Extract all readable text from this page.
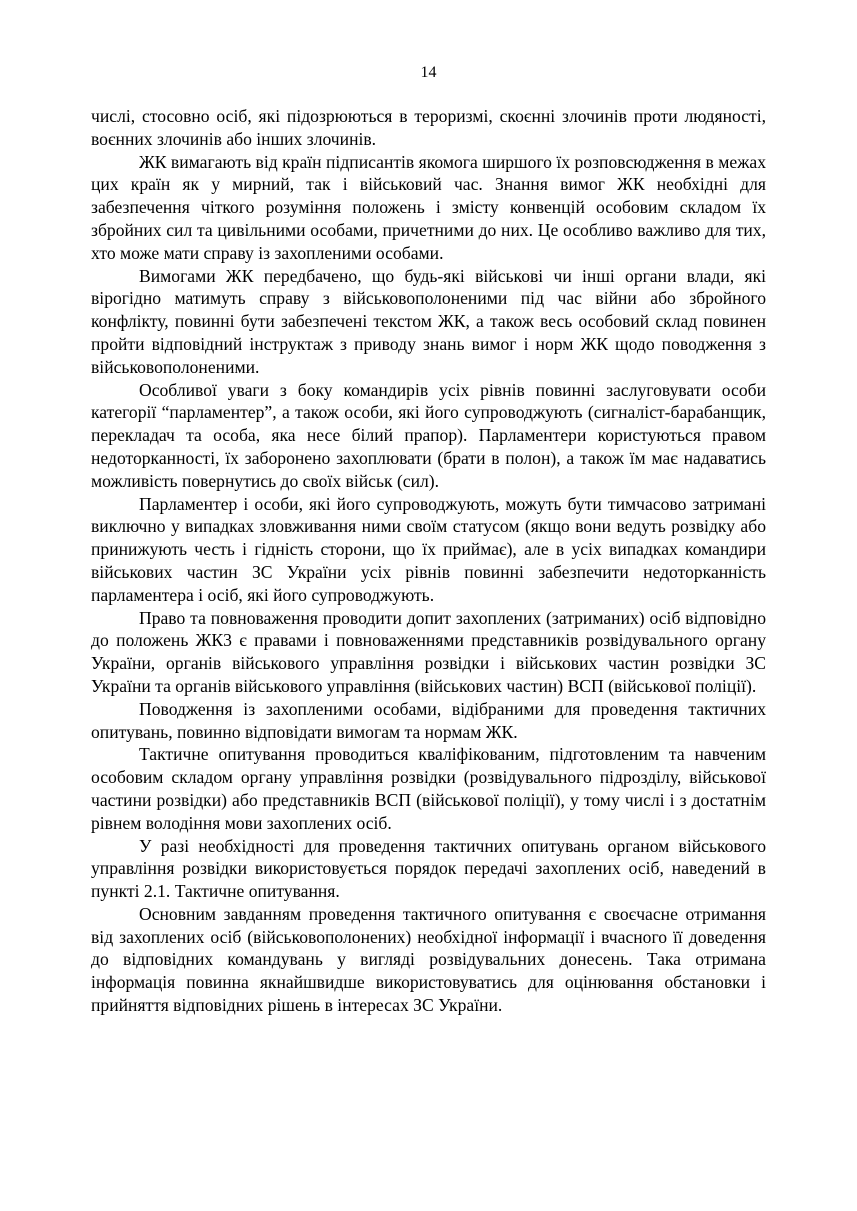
14

числі, стосовно осіб, які підозрюються в тероризмі, скоєнні злочинів проти людяності, воєнних злочинів або інших злочинів.

ЖК вимагають від країн підписантів якомога ширшого їх розповсюдження в межах цих країн як у мирний, так і військовий час. Знання вимог ЖК необхідні для забезпечення чіткого розуміння положень і змісту конвенцій особовим складом їх збройних сил та цивільними особами, причетними до них. Це особливо важливо для тих, хто може мати справу із захопленими особами.

Вимогами ЖК передбачено, що будь-які військові чи інші органи влади, які вірогідно матимуть справу з військовополоненими під час війни або збройного конфлікту, повинні бути забезпечені текстом ЖК, а також весь особовий склад повинен пройти відповідний інструктаж з приводу знань вимог і норм ЖК щодо поводження з військовополоненими.

Особливої уваги з боку командирів усіх рівнів повинні заслуговувати особи категорії “парламентер”, а також особи, які його супроводжують (сигналіст-барабанщик, перекладач та особа, яка несе білий прапор). Парламентери користуються правом недоторканності, їх заборонено захоплювати (брати в полон), а також їм має надаватись можливість повернутись до своїх військ (сил).

Парламентер і особи, які його супроводжують, можуть бути тимчасово затримані виключно у випадках зловживання ними своїм статусом (якщо вони ведуть розвідку або принижують честь і гідність сторони, що їх приймає), але в усіх випадках командири військових частин ЗС України усіх рівнів повинні забезпечити недоторканність парламентера і осіб, які його супроводжують.

Право та повноваження проводити допит захоплених (затриманих) осіб відповідно до положень ЖК3 є правами і повноваженнями представників розвідувального органу України, органів військового управління розвідки і військових частин розвідки ЗС України та органів військового управління (військових частин) ВСП (військової поліції).

Поводження із захопленими особами, відібраними для проведення тактичних опитувань, повинно відповідати вимогам та нормам ЖК.

Тактичне опитування проводиться кваліфікованим, підготовленим та навченим особовим складом органу управління розвідки (розвідувального підрозділу, військової частини розвідки) або представників ВСП (військової поліції), у тому числі і з достатнім рівнем володіння мови захоплених осіб.

У разі необхідності для проведення тактичних опитувань органом військового управління розвідки використовується порядок передачі захоплених осіб, наведений в пункті 2.1. Тактичне опитування.

Основним завданням проведення тактичного опитування є своєчасне отримання від захоплених осіб (військовополонених) необхідної інформації і вчасного її доведення до відповідних командувань у вигляді розвідувальних донесень. Така отримана інформація повинна якнайшвидше використовуватись для оцінювання обстановки і прийняття відповідних рішень в інтересах ЗС України.
